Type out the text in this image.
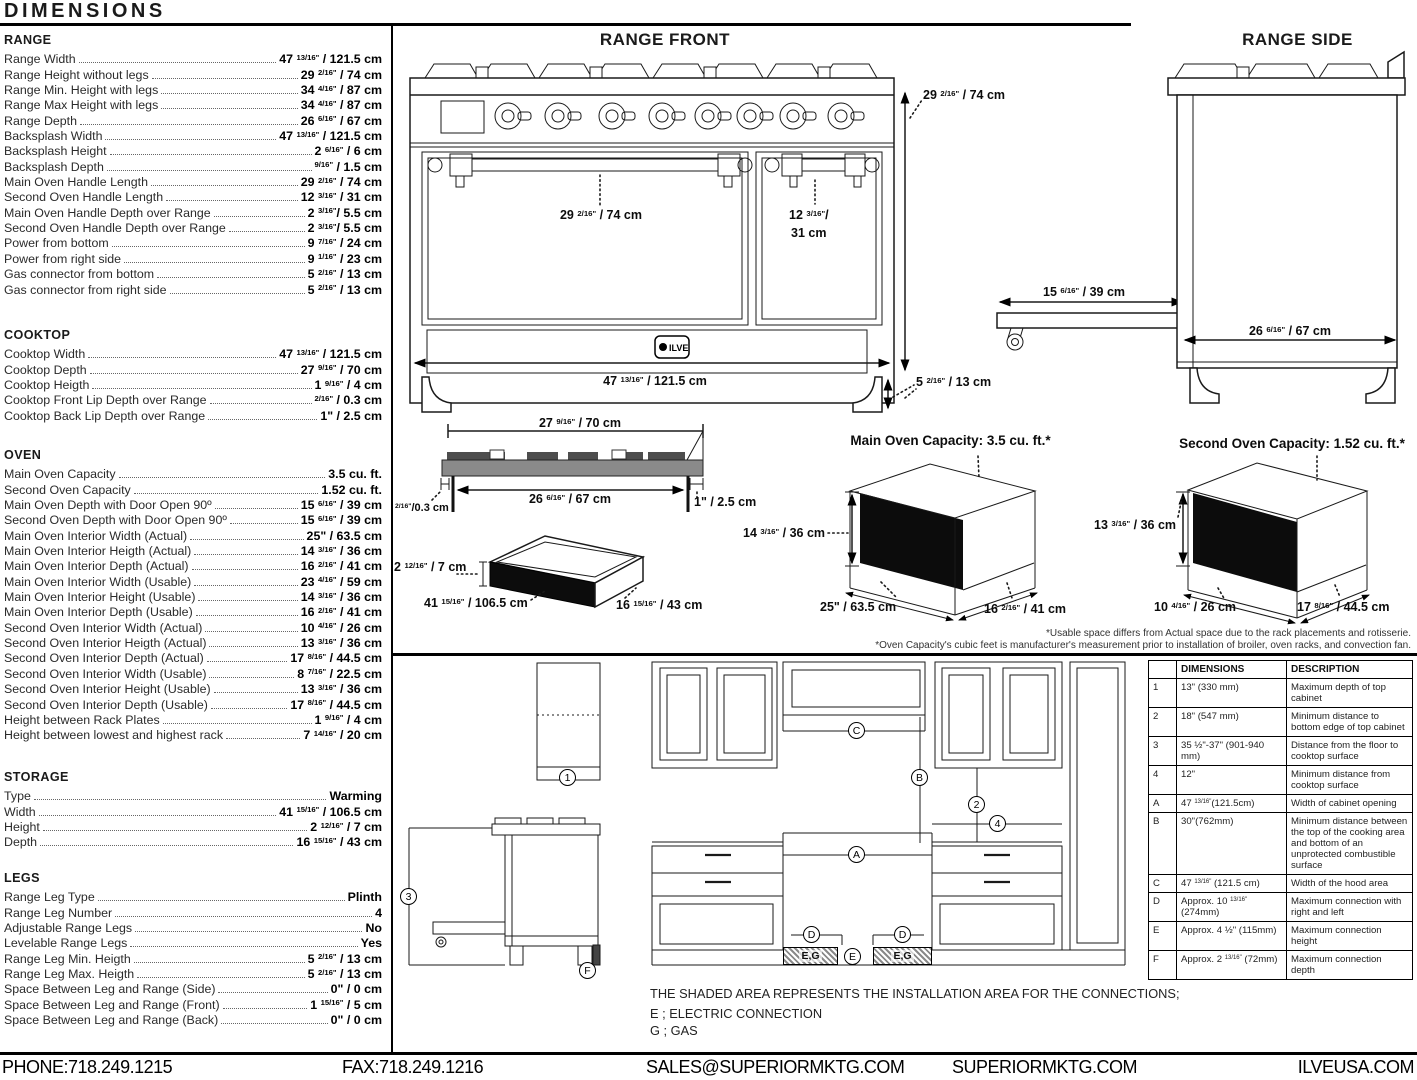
DIMENSIONS
RANGE FRONT	RANGE SIDE
RANGE
Range Width	47 $^{13/16"}$ / 121.5 cm
Range Height without legs	29 $^{2/16"}$ / 74 cm
Range Min. Height with legs	34 $^{4/16"}$ / 87 cm
Range Max Height with legs	34 $^{4/16"}$ / 87 cm
Range Depth	26 $^{6/16"}$ / 67 cm
Backsplash Width	47 $^{13/16"}$ / 121.5 cm
Backsplash Height	2 $^{6/16"}$ / 6 cm
Backsplash Depth	$^{9/16"}$ / 1.5 cm
Main Oven Handle Length	29 $^{2/16"}$ / 74 cm
Second Oven Handle Length	12 $^{3/16"}$ / 31 cm
Main Oven Handle Depth over Range	2 $^{3/16"}$/ 5.5 cm
Second Oven Handle Depth over Range	2 $^{3/16"}$/ 5.5 cm
Power from bottom	9 $^{7/16"}$ / 24 cm
Power from right side	9 $^{1/16"}$ / 23 cm
Gas connector from bottom	5 $^{2/16"}$ / 13 cm
Gas connector from right side	5 $^{2/16"}$ / 13 cm
COOKTOP
Cooktop Width	47 $^{13/16"}$ / 121.5 cm
Cooktop Depth	27 $^{9/16"}$ / 70 cm
Cooktop Heigth	1 $^{9/16"}$ / 4 cm
Cooktop Front Lip Depth over Range	$^{2/16"}$ / 0.3 cm
Cooktop Back Lip Depth over Range	1" / 2.5 cm
OVEN
Main Oven Capacity	3.5 cu. ft.
Second Oven Capacity	1.52 cu. ft.
Main Oven Depth with Door Open 90º	15 $^{6/16"}$ / 39 cm
Second Oven Depth with Door Open 90º	15 $^{6/16"}$ / 39 cm
Main Oven Interior Width (Actual)	25" / 63.5 cm
Main Oven Interior Heigth (Actual)	14 $^{3/16"}$ / 36 cm
Main Oven Interior Depth (Actual)	16 $^{2/16"}$ / 41 cm
Main Oven Interior Width (Usable)	23 $^{4/16"}$ / 59 cm
Main Oven Interior Height (Usable)	14 $^{3/16"}$ / 36 cm
Main Oven Interior Depth (Usable)	16 $^{2/16"}$ / 41 cm
Second Oven Interior Width (Actual)	10 $^{4/16"}$ / 26 cm
Second Oven Interior Heigth (Actual)	13 $^{3/16"}$ / 36 cm
Second Oven Interior Depth (Actual)	17 $^{8/16"}$ / 44.5 cm
Second Oven Interior Width (Usable)	8 $^{7/16"}$ / 22.5 cm
Second Oven Interior Height (Usable)	13 $^{3/16"}$ / 36 cm
Second Oven Interior Depth (Usable)	17 $^{8/16"}$ / 44.5 cm
Height between Rack Plates	1 $^{9/16"}$ / 4 cm
Height between lowest and highest rack	7 $^{14/16"}$ / 20 cm
STORAGE
Type	Warming
Width	41 $^{15/16"}$ / 106.5 cm
Height	2 $^{12/16"}$ / 7 cm
Depth	16 $^{15/16"}$ / 43 cm
LEGS
Range Leg Type	Plinth
Range Leg Number	4
Adjustable Range Legs	No
Levelable Range Legs	Yes
Range Leg Min. Heigth	5 $^{2/16"}$ / 13 cm
Range Leg Max. Heigth	5 $^{2/16"}$ / 13 cm
Space Between Leg and Range (Side)	0" / 0 cm
Space Between Leg and Range (Front)	1 $^{15/16"}$ / 5 cm
Space Between Leg and Range (Back)	0" / 0 cm
ILVE
29 $^{2/16"}$ / 74 cm	12 $^{3/16"}$/
31 cm
29 $^{2/16"}$ / 74 cm
47 $^{13/16"}$ / 121.5 cm	5 $^{2/16"}$ / 13 cm
15 $^{6/16"}$ / 39 cm
26 $^{6/16"}$ / 67 cm
27 $^{9/16"}$ / 70 cm
26 $^{6/16"}$ / 67 cm
$^{2/16"}$/0.3 cm	1" / 2.5 cm
2 $^{12/16"}$ / 7 cm
41 $^{15/16"}$ / 106.5 cm	16 $^{15/16"}$ / 43 cm
Main Oven Capacity: 3.5 cu. ft.*
14 $^{3/16"}$ / 36 cm
25" / 63.5 cm	16 $^{2/16"}$ / 41 cm
Second Oven Capacity: 1.52 cu. ft.*
13 $^{3/16"}$ / 36 cm
10 $^{4/16"}$ / 26 cm	17 $^{8/16"}$ / 44.5 cm
*Usable space differs from Actual space due to the rack placements and rotisserie.
*Oven Capacity's cubic feet is manufacturer's measurement prior to installation of broiler, oven racks, and convection fan.
E,G	E,G
1
3
F
C
B
A
2
4
D	D
E
THE SHADED AREA REPRESENTS THE INSTALLATION AREA FOR THE CONNECTIONS;
E ; ELECTRIC CONNECTION
G ; GAS
	DIMENSIONS	DESCRIPTION
1	13" (330 mm)	Maximum depth of top cabinet
2	18" (547 mm)	Minimum distance to bottom edge of top cabinet
3	35 ½"-37" (901-940 mm)	Distance from the floor to cooktop surface
4	12"	Minimum distance from cooktop surface
A	47 $^{13/16"}$(121.5cm)	Width of cabinet opening
B	30"(762mm)	Minimum distance between the top of the cooking area and bottom of an unprotected combustible surface
C	47 $^{13/16"}$ (121.5 cm)	Width of the hood area
D	Approx. 10 $^{13/16"}$ (274mm)	Maximum connection with right and left
E	Approx. 4 ½" (115mm)	Maximum connection height
F	Approx. 2 $^{13/16"}$ (72mm)	Maximum connection depth
PHONE:718.249.1215	FAX:718.249.1216	SALES@SUPERIORMKTG.COM	SUPERIORMKTG.COM	ILVEUSA.COM
